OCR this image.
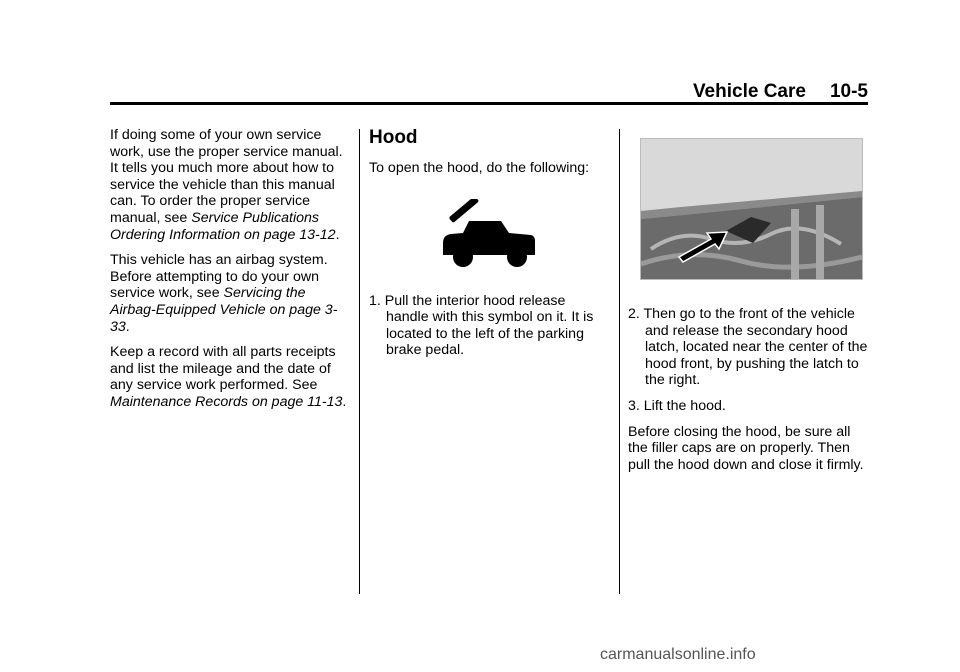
Vehicle Care 10-5

If doing some of your own service work, use the proper service manual. It tells you much more about how to service the vehicle than this manual can. To order the proper service manual, see Service Publications Ordering Information on page 13-12.

This vehicle has an airbag system. Before attempting to do your own service work, see Servicing the Airbag-Equipped Vehicle on page 3-33.

Keep a record with all parts receipts and list the mileage and the date of any service work performed. See Maintenance Records on page 11-13.

Hood

To open the hood, do the following:

1. Pull the interior hood release handle with this symbol on it. It is located to the left of the parking brake pedal.

2. Then go to the front of the vehicle and release the secondary hood latch, located near the center of the hood front, by pushing the latch to the right.

3. Lift the hood.

Before closing the hood, be sure all the filler caps are on properly. Then pull the hood down and close it firmly.

carmanualsonline.info
